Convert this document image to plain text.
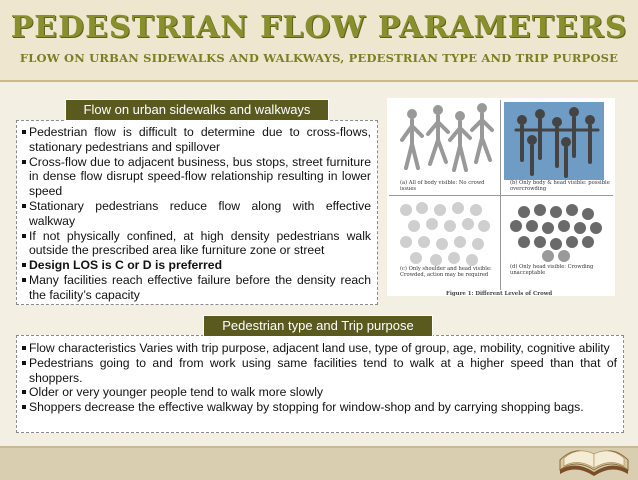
PEDESTRIAN FLOW PARAMETERS
FLOW ON URBAN SIDEWALKS AND WALKWAYS, PEDESTRIAN TYPE AND TRIP PURPOSE
Pedestrian flow is difficult to determine due to cross-flows, stationary pedestrians and spillover
Cross-flow due to adjacent business, bus stops, street furniture in dense flow disrupt speed-flow relationship resulting in lower speed
Stationary pedestrians reduce flow along with effective walkway
If not physically confined, at high density pedestrians walk outside the prescribed area like furniture zone or street
Design LOS is C or D is preferred
Many facilities reach effective failure before the density reach the facility’s capacity
Flow on urban sidewalks and walkways
(a) All of body visible: No crowd issues
(b) Only body & head visible: possible overcrowding
(c) Only shoulder and head visible: Crowded, action may be required
(d) Only head visible: Crowding unacceptable
Figure 1: Different Levels of Crowd
Flow characteristics Varies with trip purpose, adjacent land use, type of group, age, mobility, cognitive ability
Pedestrians going to and from work using same facilities tend to walk at a higher speed than that of shoppers.
Older or very younger people tend to walk more slowly
Shoppers decrease the effective walkway by stopping for window-shop and by carrying shopping bags.
Pedestrian type and Trip purpose
